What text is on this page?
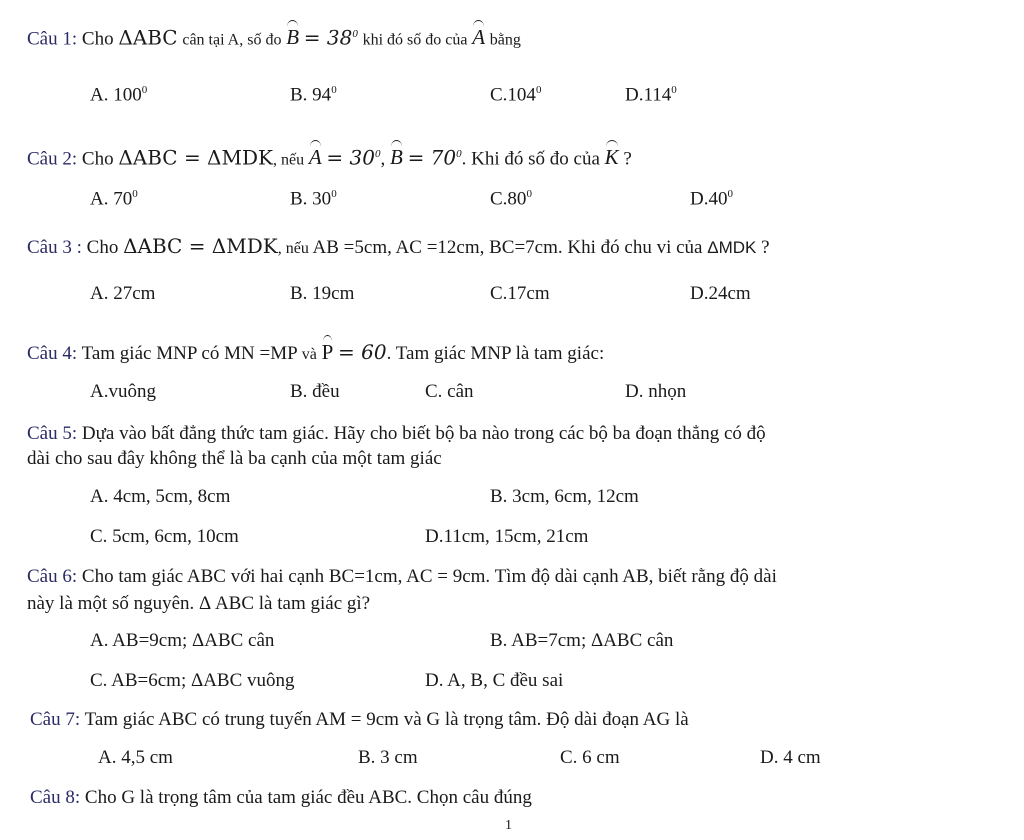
Câu 1: Cho ΔABC cân tại A, số đo $B = 38^0$ khi đó số đo của A bằng
A. $100^0$	B. $94^0$	C.104$^0$	D.114$^0$
Câu 2: Cho ΔABC = ΔMDK, nếu $A = 30^0$, $B = 70^0$. Khi đó số đo của K ?
A. $70^0$	B. $30^0$	$C.80^0$	$D.40^0$
Câu 3 : Cho ΔABC = ΔMDK, nếu AB =5cm, AC =12cm, BC=7cm. Khi đó chu vi của ΔMDK ?
A. 27cm	B. 19cm	C.17cm	D.24cm
Câu 4: Tam giác MNP có MN =MP và P = 60. Tam giác MNP là tam giác:
A.vuông	B. đều	C. cân	D. nhọn
Câu 5: Dựa vào bất đẳng thức tam giác. Hãy cho biết bộ ba nào trong các bộ ba đoạn thẳng có độ
dài cho sau đây không thể là ba cạnh của một tam giác
A. 4cm, 5cm, 8cm	B. 3cm, 6cm, 12cm
C. 5cm, 6cm, 10cm	D.11cm, 15cm, 21cm
Câu 6: Cho tam giác ABC với hai cạnh BC=1cm, AC = 9cm. Tìm độ dài cạnh AB, biết rằng độ dài
này là một số nguyên. Δ ABC là tam giác gì?
A. AB=9cm; ΔABC cân	B. AB=7cm; ΔABC cân
C. AB=6cm; ΔABC vuông	D. A, B, C đều sai
Câu 7: Tam giác ABC có trung tuyến AM = 9cm và G là trọng tâm. Độ dài đoạn AG là
A. 4,5 cm	B. 3 cm	C. 6 cm	D. 4 cm
Câu 8: Cho G là trọng tâm của tam giác đều ABC. Chọn câu đúng
1
